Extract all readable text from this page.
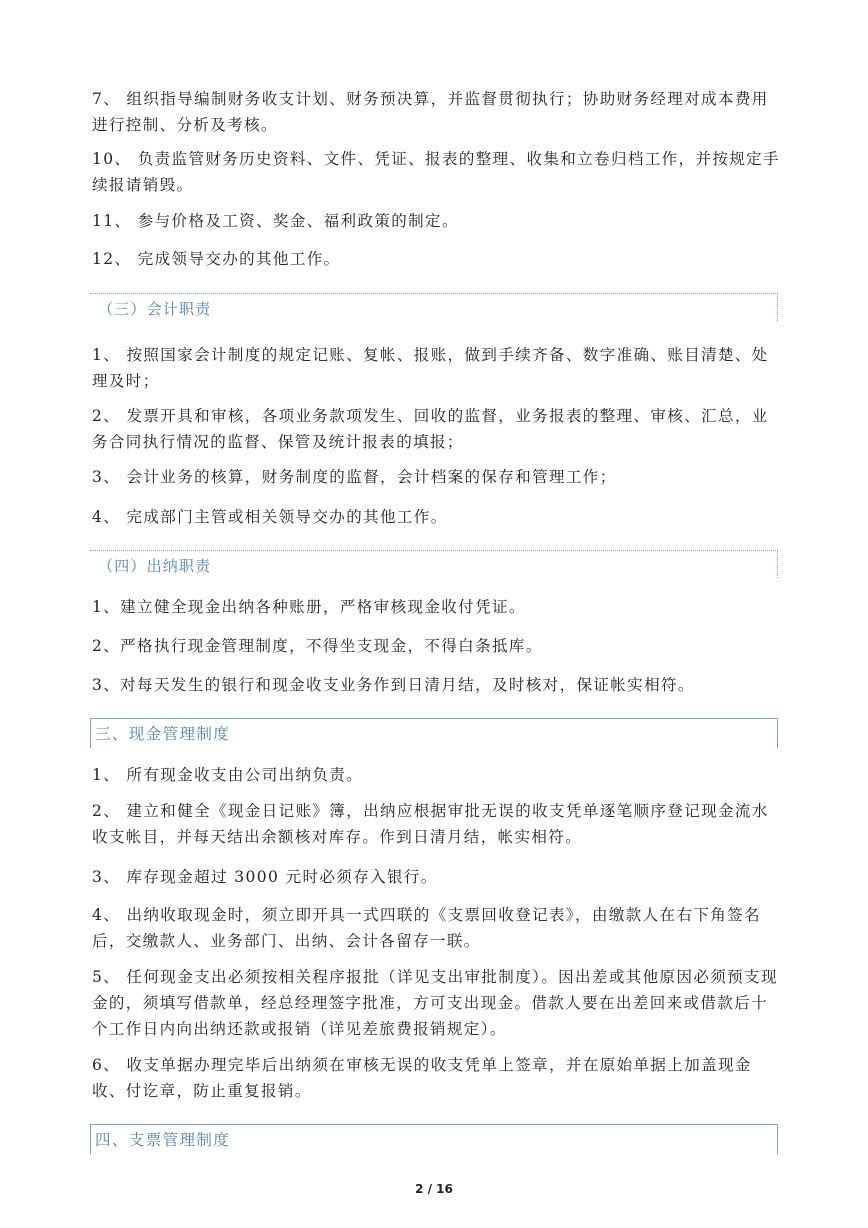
7、 组织指导编制财务收支计划、财务预决算，并监督贯彻执行；协助财务经理对成本费用进行控制、分析及考核。

10、 负责监管财务历史资料、文件、凭证、报表的整理、收集和立卷归档工作，并按规定手续报请销毁。

11、 参与价格及工资、奖金、福利政策的制定。

12、 完成领导交办的其他工作。

（三）会计职责

1、 按照国家会计制度的规定记账、复帐、报账，做到手续齐备、数字准确、账目清楚、处理及时；

2、 发票开具和审核，各项业务款项发生、回收的监督，业务报表的整理、审核、汇总，业务合同执行情况的监督、保管及统计报表的填报；

3、 会计业务的核算，财务制度的监督，会计档案的保存和管理工作；

4、 完成部门主管或相关领导交办的其他工作。

（四）出纳职责

1、建立健全现金出纳各种账册，严格审核现金收付凭证。

2、严格执行现金管理制度，不得坐支现金，不得白条抵库。

3、对每天发生的银行和现金收支业务作到日清月结，及时核对，保证帐实相符。

三、现金管理制度

1、 所有现金收支由公司出纳负责。

2、 建立和健全《现金日记账》簿，出纳应根据审批无误的收支凭单逐笔顺序登记现金流水收支帐目，并每天结出余额核对库存。作到日清月结，帐实相符。

3、 库存现金超过 3000 元时必须存入银行。

4、 出纳收取现金时，须立即开具一式四联的《支票回收登记表》，由缴款人在右下角签名后，交缴款人、业务部门、出纳、会计各留存一联。

5、 任何现金支出必须按相关程序报批（详见支出审批制度）。因出差或其他原因必须预支现金的，须填写借款单，经总经理签字批准，方可支出现金。借款人要在出差回来或借款后十个工作日内向出纳还款或报销（详见差旅费报销规定）。

6、 收支单据办理完毕后出纳须在审核无误的收支凭单上签章，并在原始单据上加盖现金收、付讫章，防止重复报销。

四、支票管理制度
2 / 16
